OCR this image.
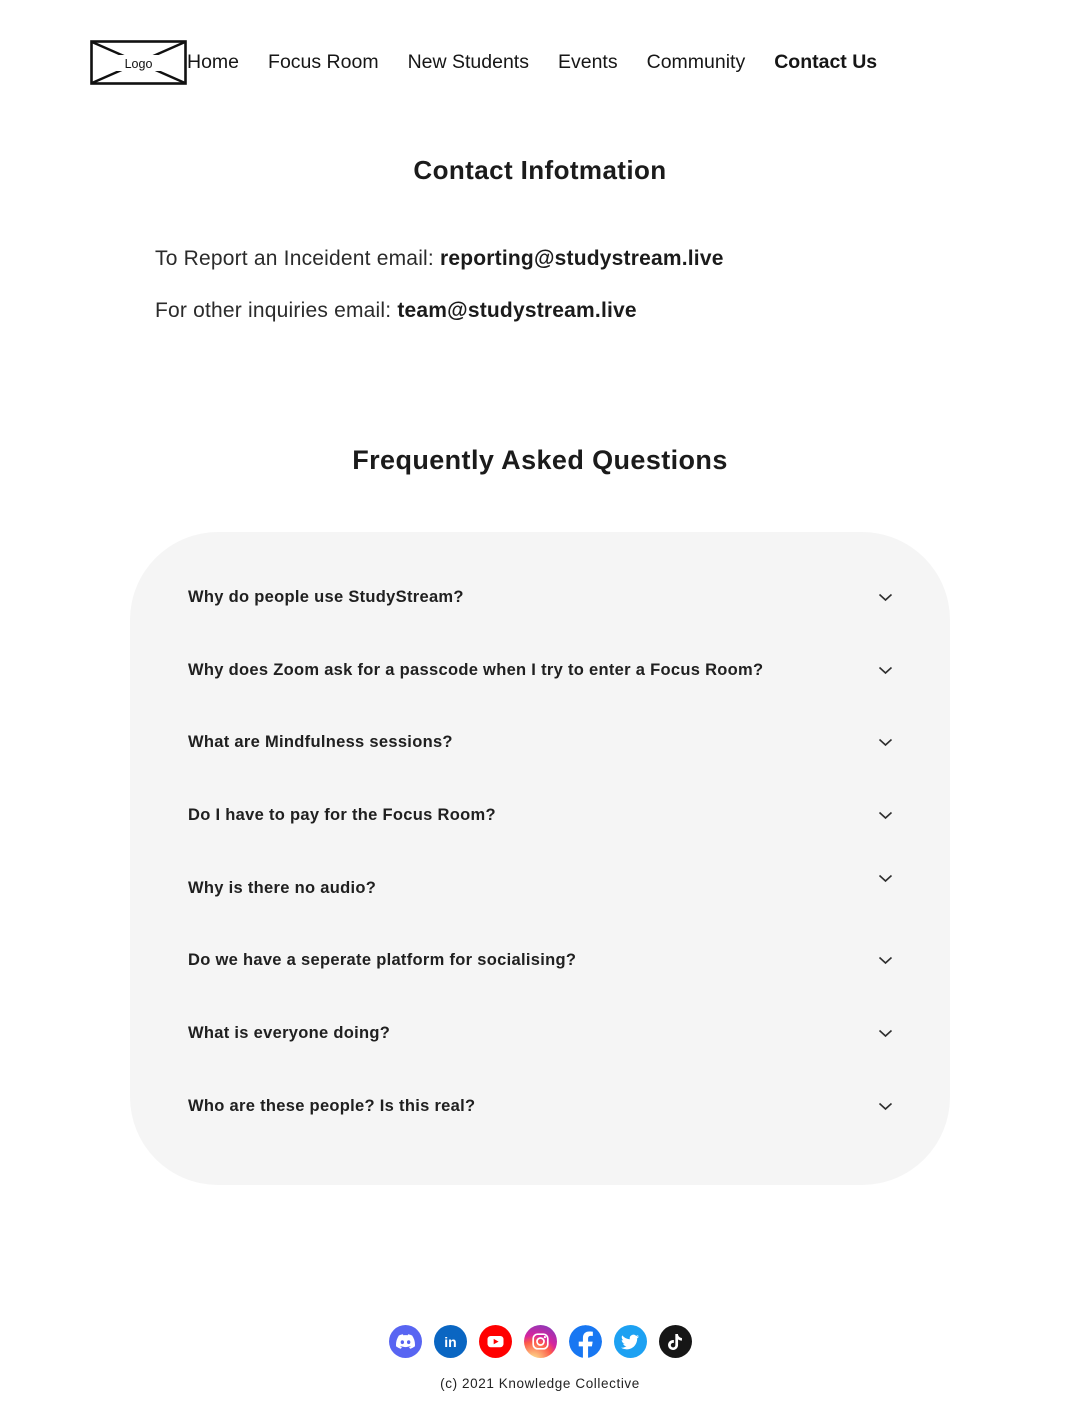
Logo Home Focus Room New Students Events Community Contact Us
Contact Infotmation

To Report an Inceident email: reporting@studystream.live

For other inquiries email: team@studystream.live

Frequently Asked Questions
Why do people use StudyStream?
Why does Zoom ask for a passcode when I try to enter a Focus Room?
What are Mindfulness sessions?
Do I have to pay for the Focus Room?
Why is there no audio?
Do we have a seperate platform for socialising?
What is everyone doing?
Who are these people? Is this real?
in

(c) 2021 Knowledge Collective
